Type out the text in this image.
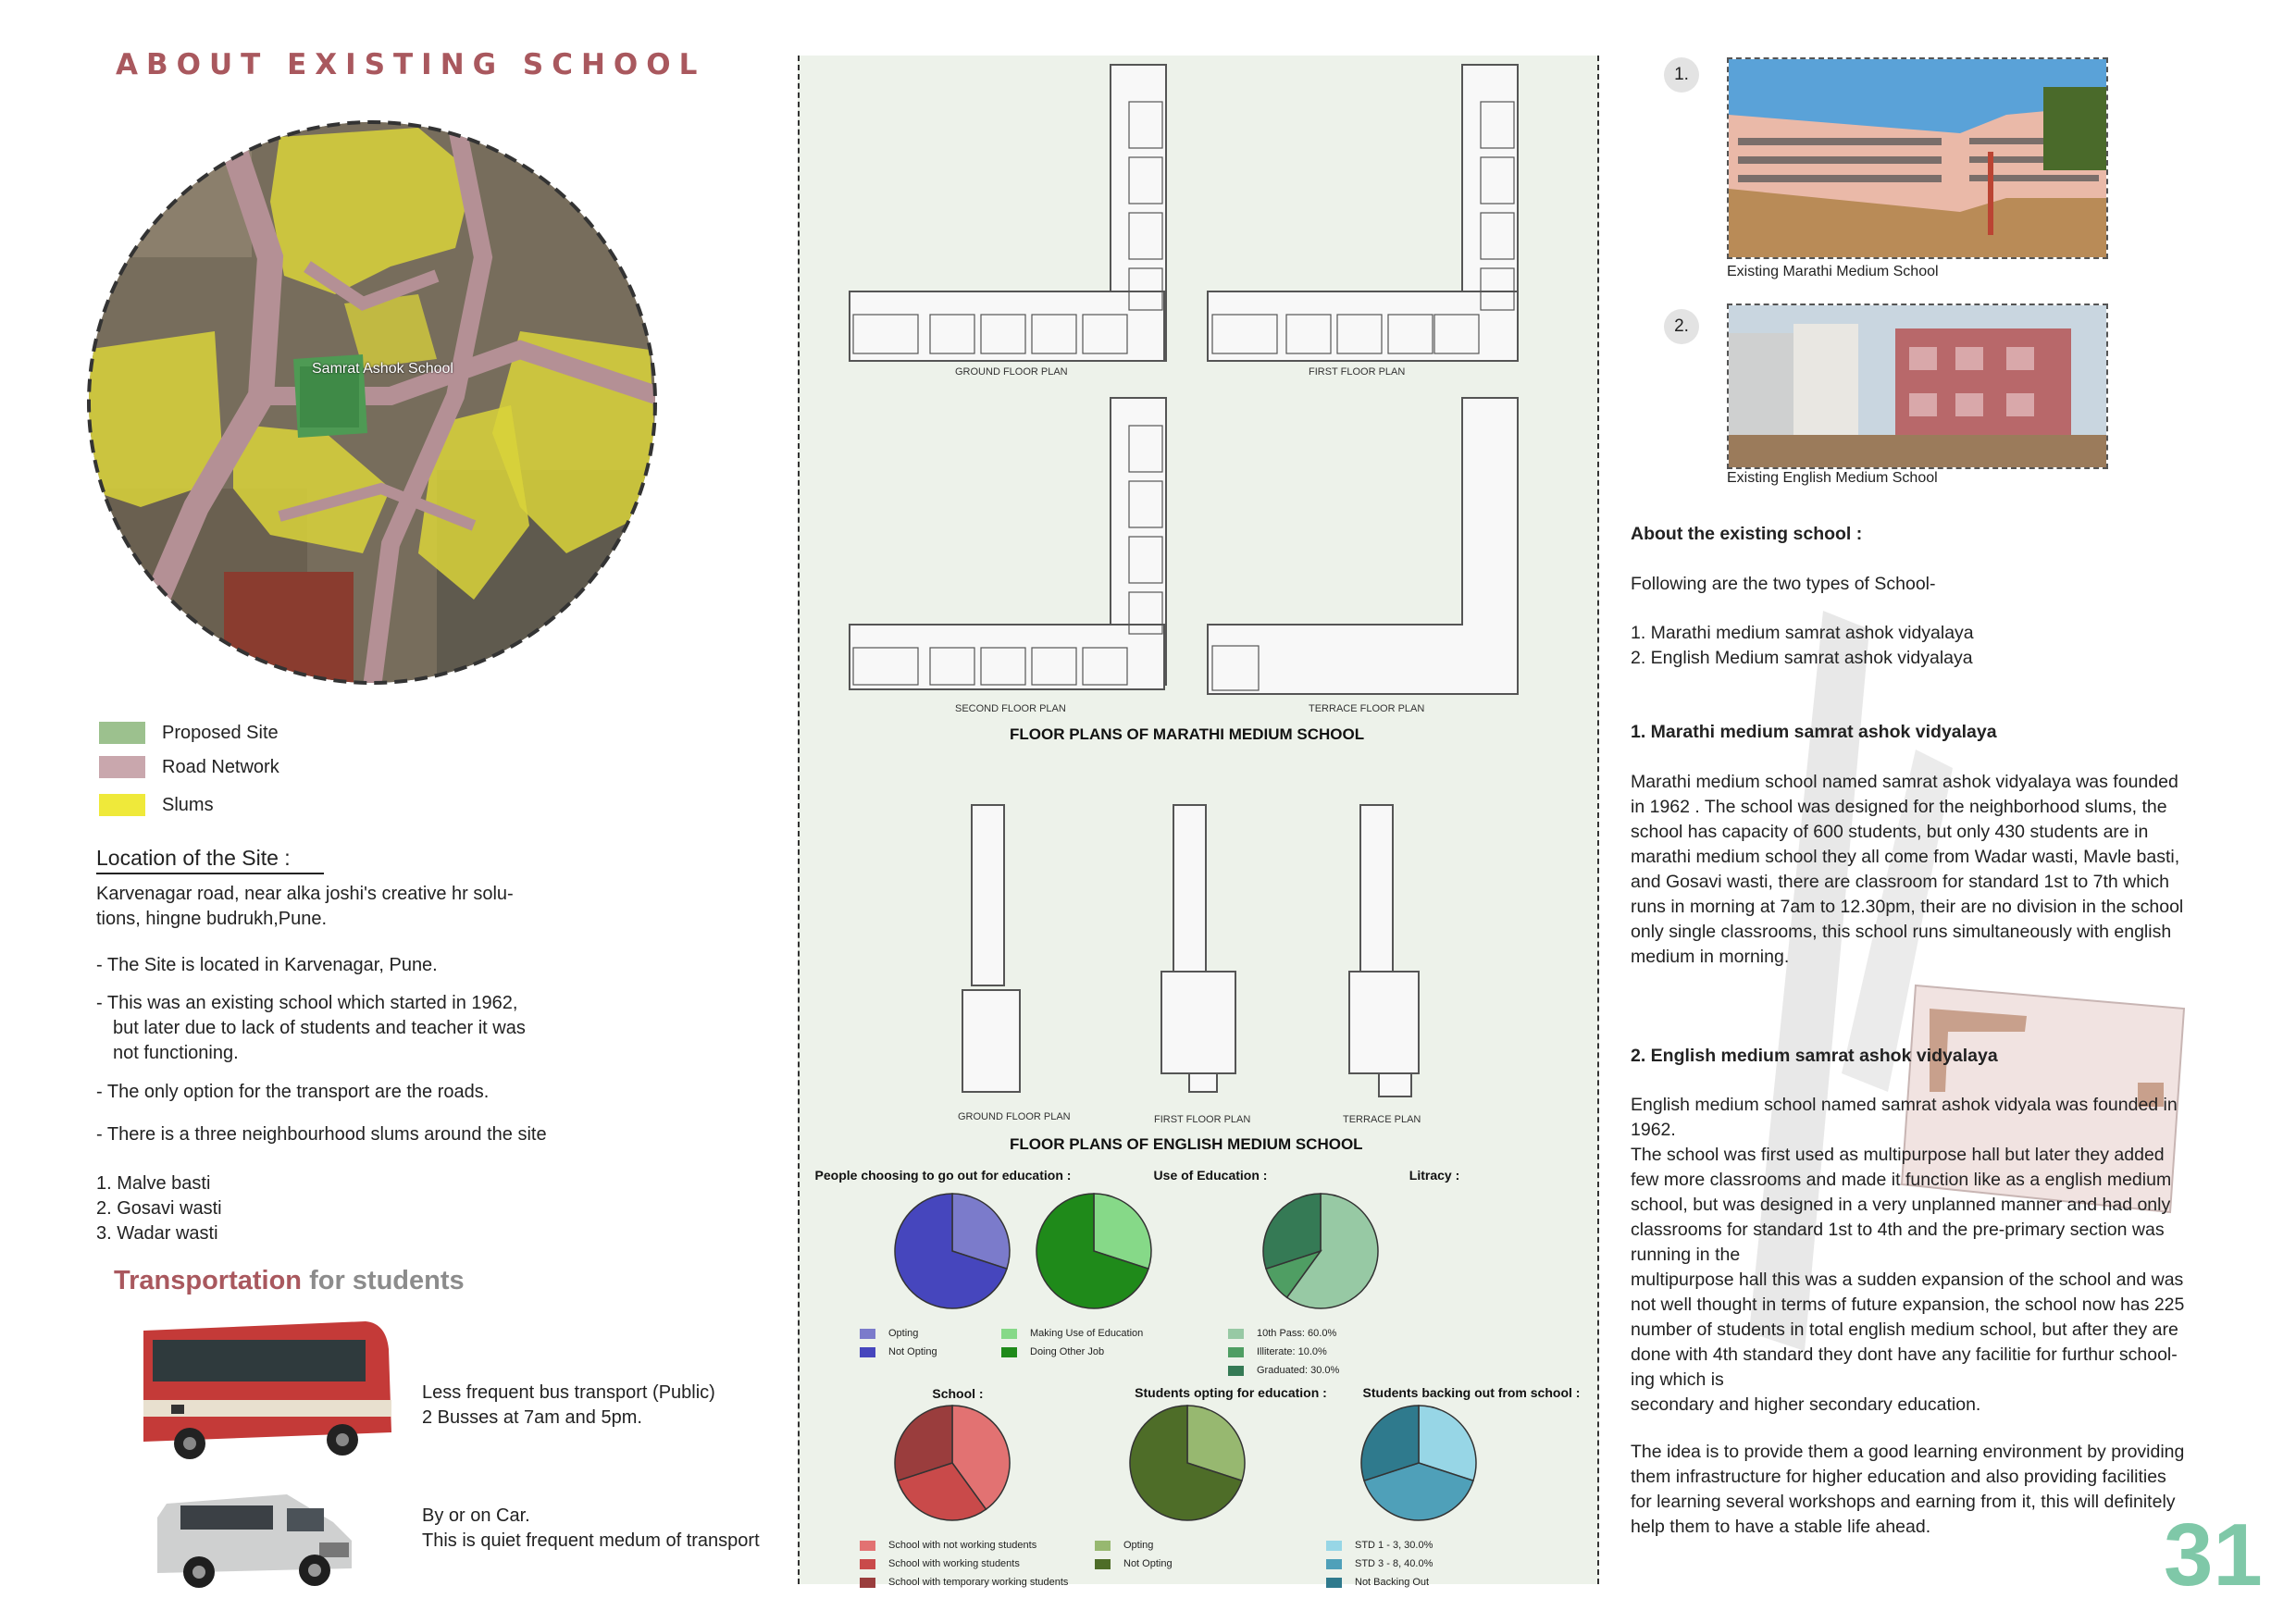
ABOUT EXISTING SCHOOL
Samrat Ashok School
Proposed Site
Road Network
Slums
Location of the Site :
Karvenagar road, near alka joshi's creative hr solu-
tions, hingne budrukh,Pune.
- The Site is located in Karvenagar, Pune.
- This was an existing school which started in 1962,
but later due to lack of students and teacher it was
not functioning.
- The only option for the transport are the roads.
- There is a three neighbourhood slums around the site
1. Malve basti
2. Gosavi wasti
3. Wadar wasti
Transportation for students
Less frequent bus transport (Public)
2 Busses at 7am and 5pm.
By or on Car.
This is quiet frequent medum of transport
GROUND FLOOR PLAN	FIRST FLOOR PLAN
SECOND FLOOR PLAN	TERRACE FLOOR PLAN
FLOOR PLANS OF MARATHI MEDIUM SCHOOL
GROUND FLOOR PLAN	FIRST FLOOR PLAN	TERRACE PLAN
FLOOR PLANS OF ENGLISH MEDIUM SCHOOL
People choosing to go out for education :	Use of Education :	Litracy :
School :	Students opting for education :	Students backing out from school :
Opting
Not Opting
Making Use of Education
Doing Other Job
10th Pass: 60.0%
Illiterate: 10.0%
Graduated: 30.0%
School with not working students
School with working students
School with temporary working students
Opting
Not Opting
STD 1 - 3, 30.0%
STD 3 - 8, 40.0%
Not Backing Out
1.
Existing Marathi Medium School
2.
Existing English Medium School
About the existing school :
Following are the two types of School-
1. Marathi medium samrat ashok vidyalaya
2. English Medium samrat ashok vidyalaya
1. Marathi medium samrat ashok vidyalaya
Marathi medium school named samrat ashok vidyalaya was founded
in 1962 . The school was designed for the neighborhood slums, the
school has capacity of 600 students, but only 430 students are in
marathi medium school they all come from Wadar wasti, Mavle basti,
and Gosavi wasti, there are classroom for standard 1st to 7th which
runs in morning at 7am to 12.30pm, their are no division in the school
only single classrooms, this school runs simultaneously with english
medium in morning.
2. English medium samrat ashok vidyalaya
English medium school named samrat ashok vidyala was founded in
1962.
The school was first used as multipurpose hall but later they added
few more classrooms and made it function like as a english medium
school, but was designed in a very unplanned manner and had only
classrooms for standard 1st to 4th and the pre-primary section was
running in the
multipurpose hall this was a sudden expansion of the school and was
not well thought in terms of future expansion, the school now has 225
number of students in total english medium school, but after they are
done with 4th standard they dont have any facilitie for furthur school-
ing which is
secondary and higher secondary education.
The idea is to provide them a good learning environment by providing
them infrastructure for higher education and also providing facilities
for learning several workshops and earning from it, this will definitely
help them to have a stable life ahead.	31
